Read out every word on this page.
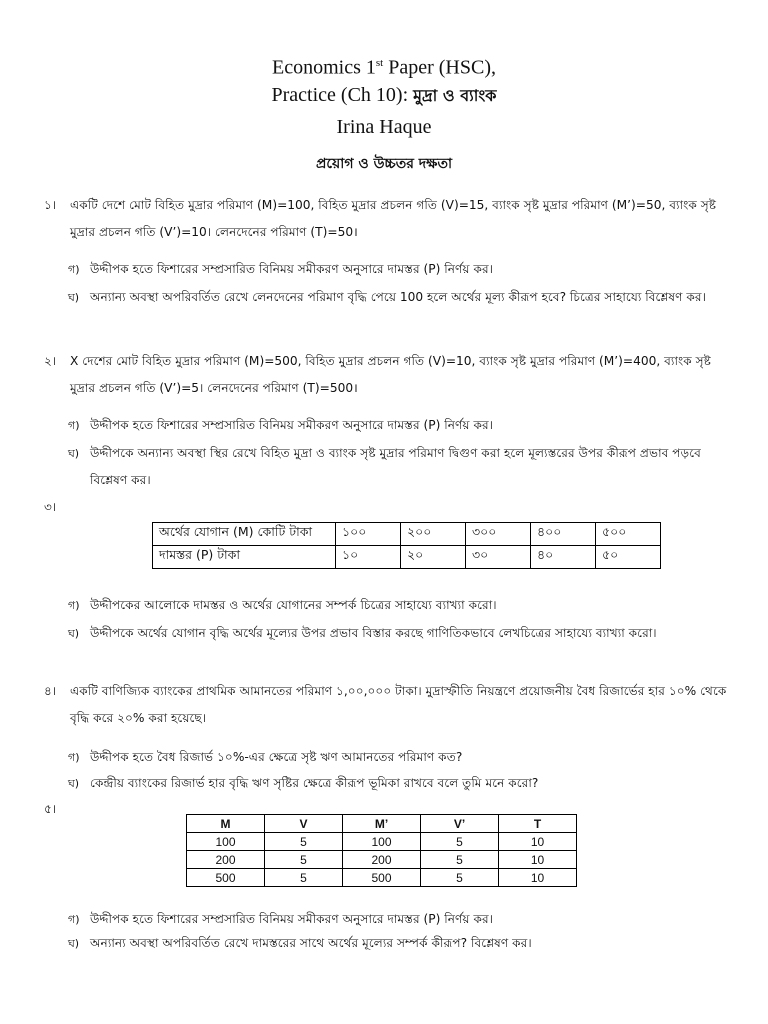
Economics 1st Paper (HSC),
Practice (Ch 10): মুদ্রা ও ব্যাংক
Irina Haque
প্রয়োগ ও উচ্চতর দক্ষতা
১। একটি দেশে মোট বিহিত মুদ্রার পরিমাণ (M)=100, বিহিত মুদ্রার প্রচলন গতি (V)=15, ব্যাংক সৃষ্ট মুদ্রার পরিমাণ (M’)=50, ব্যাংক সৃষ্ট মুদ্রার প্রচলন গতি (V’)=10। লেনদেনের পরিমাণ (T)=50।
গ) উদ্দীপক হতে ফিশারের সম্প্রসারিত বিনিময় সমীকরণ অনুসারে দামস্তর (P) নির্ণয় কর।
ঘ) অন্যান্য অবস্থা অপরিবর্তিত রেখে লেনদেনের পরিমাণ বৃদ্ধি পেয়ে 100 হলে অর্থের মূল্য কীরূপ হবে? চিত্রের সাহায্যে বিশ্লেষণ কর।
২। X দেশের মোট বিহিত মুদ্রার পরিমাণ (M)=500, বিহিত মুদ্রার প্রচলন গতি (V)=10, ব্যাংক সৃষ্ট মুদ্রার পরিমাণ (M’)=400, ব্যাংক সৃষ্ট মুদ্রার প্রচলন গতি (V’)=5। লেনদেনের পরিমাণ (T)=500।
গ) উদ্দীপক হতে ফিশারের সম্প্রসারিত বিনিময় সমীকরণ অনুসারে দামস্তর (P) নির্ণয় কর।
ঘ) উদ্দীপকে অন্যান্য অবস্থা স্থির রেখে বিহিত মুদ্রা ও ব্যাংক সৃষ্ট মুদ্রার পরিমাণ দ্বিগুণ করা হলে মূল্যস্তরের উপর কীরূপ প্রভাব পড়বে বিশ্লেষণ কর।
৩।
অর্থের যোগান (M) কোটি টাকা	১০০	২০০	৩০০	৪০০	৫০০
দামস্তর (P) টাকা	১০	২০	৩০	৪০	৫০
গ) উদ্দীপকের আলোকে দামস্তর ও অর্থের যোগানের সম্পর্ক চিত্রের সাহায্যে ব্যাখ্যা করো।
ঘ) উদ্দীপকে অর্থের যোগান বৃদ্ধি অর্থের মূল্যের উপর প্রভাব বিস্তার করছে গাণিতিকভাবে লেখচিত্রের সাহায্যে ব্যাখ্যা করো।
৪। একটি বাণিজ্যিক ব্যাংকের প্রাথমিক আমানতের পরিমাণ ১,০০,০০০ টাকা। মুদ্রাস্ফীতি নিয়ন্ত্রণে প্রয়োজনীয় বৈধ রিজার্ভের হার ১০% থেকে বৃদ্ধি করে ২০% করা হয়েছে।
গ) উদ্দীপক হতে বৈধ রিজার্ভ ১০%-এর ক্ষেত্রে সৃষ্ট ঋণ আমানতের পরিমাণ কত?
ঘ) কেন্দ্রীয় ব্যাংকের রিজার্ভ হার বৃদ্ধি ঋণ সৃষ্টির ক্ষেত্রে কীরূপ ভূমিকা রাখবে বলে তুমি মনে করো?
৫।
M	V	M’	V’	T
100	5	100	5	10
200	5	200	5	10
500	5	500	5	10
গ) উদ্দীপক হতে ফিশারের সম্প্রসারিত বিনিময় সমীকরণ অনুসারে দামস্তর (P) নির্ণয় কর।
ঘ) অন্যান্য অবস্থা অপরিবর্তিত রেখে দামস্তরের সাথে অর্থের মূল্যের সম্পর্ক কীরূপ? বিশ্লেষণ কর।
